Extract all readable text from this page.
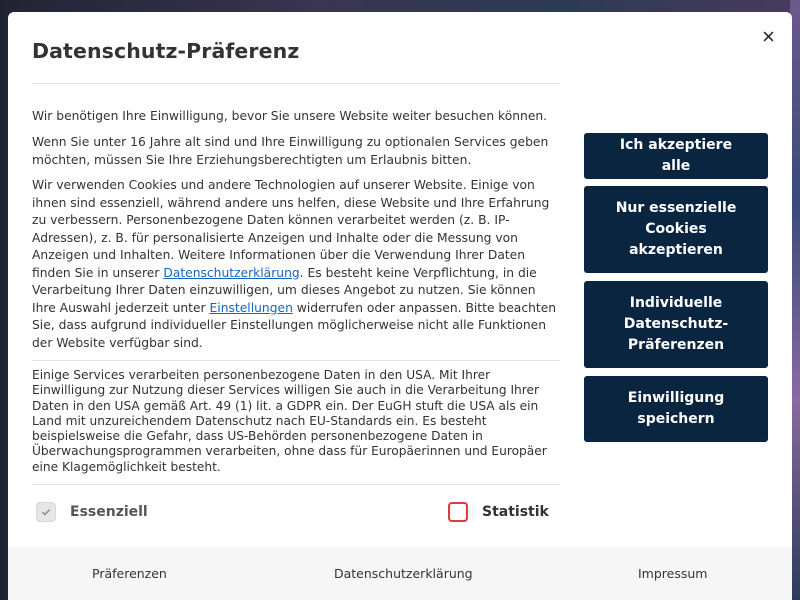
Datenschutz-Präferenz

Wir benötigen Ihre Einwilligung, bevor Sie unsere Website weiter besuchen können.

Wenn Sie unter 16 Jahre alt sind und Ihre Einwilligung zu optionalen Services geben möchten, müssen Sie Ihre Erziehungsberechtigten um Erlaubnis bitten.

Wir verwenden Cookies und andere Technologien auf unserer Website. Einige von ihnen sind essenziell, während andere uns helfen, diese Website und Ihre Erfahrung zu verbessern. Personenbezogene Daten können verarbeitet werden (z. B. IP-Adressen), z. B. für personalisierte Anzeigen und Inhalte oder die Messung von Anzeigen und Inhalten. Weitere Informationen über die Verwendung Ihrer Daten finden Sie in unserer Datenschutzerklärung. Es besteht keine Verpflichtung, in die Verarbeitung Ihrer Daten einzuwilligen, um dieses Angebot zu nutzen. Sie können Ihre Auswahl jederzeit unter Einstellungen widerrufen oder anpassen. Bitte beachten Sie, dass aufgrund individueller Einstellungen möglicherweise nicht alle Funktionen der Website verfügbar sind.

Einige Services verarbeiten personenbezogene Daten in den USA. Mit Ihrer Einwilligung zur Nutzung dieser Services willigen Sie auch in die Verarbeitung Ihrer Daten in den USA gemäß Art. 49 (1) lit. a GDPR ein. Der EuGH stuft die USA als ein Land mit unzureichendem Datenschutz nach EU-Standards ein. Es besteht beispielsweise die Gefahr, dass US-Behörden personenbezogene Daten in Überwachungsprogrammen verarbeiten, ohne dass für Europäerinnen und Europäer eine Klagemöglichkeit besteht.

Ich akzeptiere alle
Nur essenzielle Cookies akzeptieren
Individuelle Datenschutz-Präferenzen
Einwilligung speichern
Essenziell	Statistik
Präferenzen	Datenschutzerklärung	Impressum
